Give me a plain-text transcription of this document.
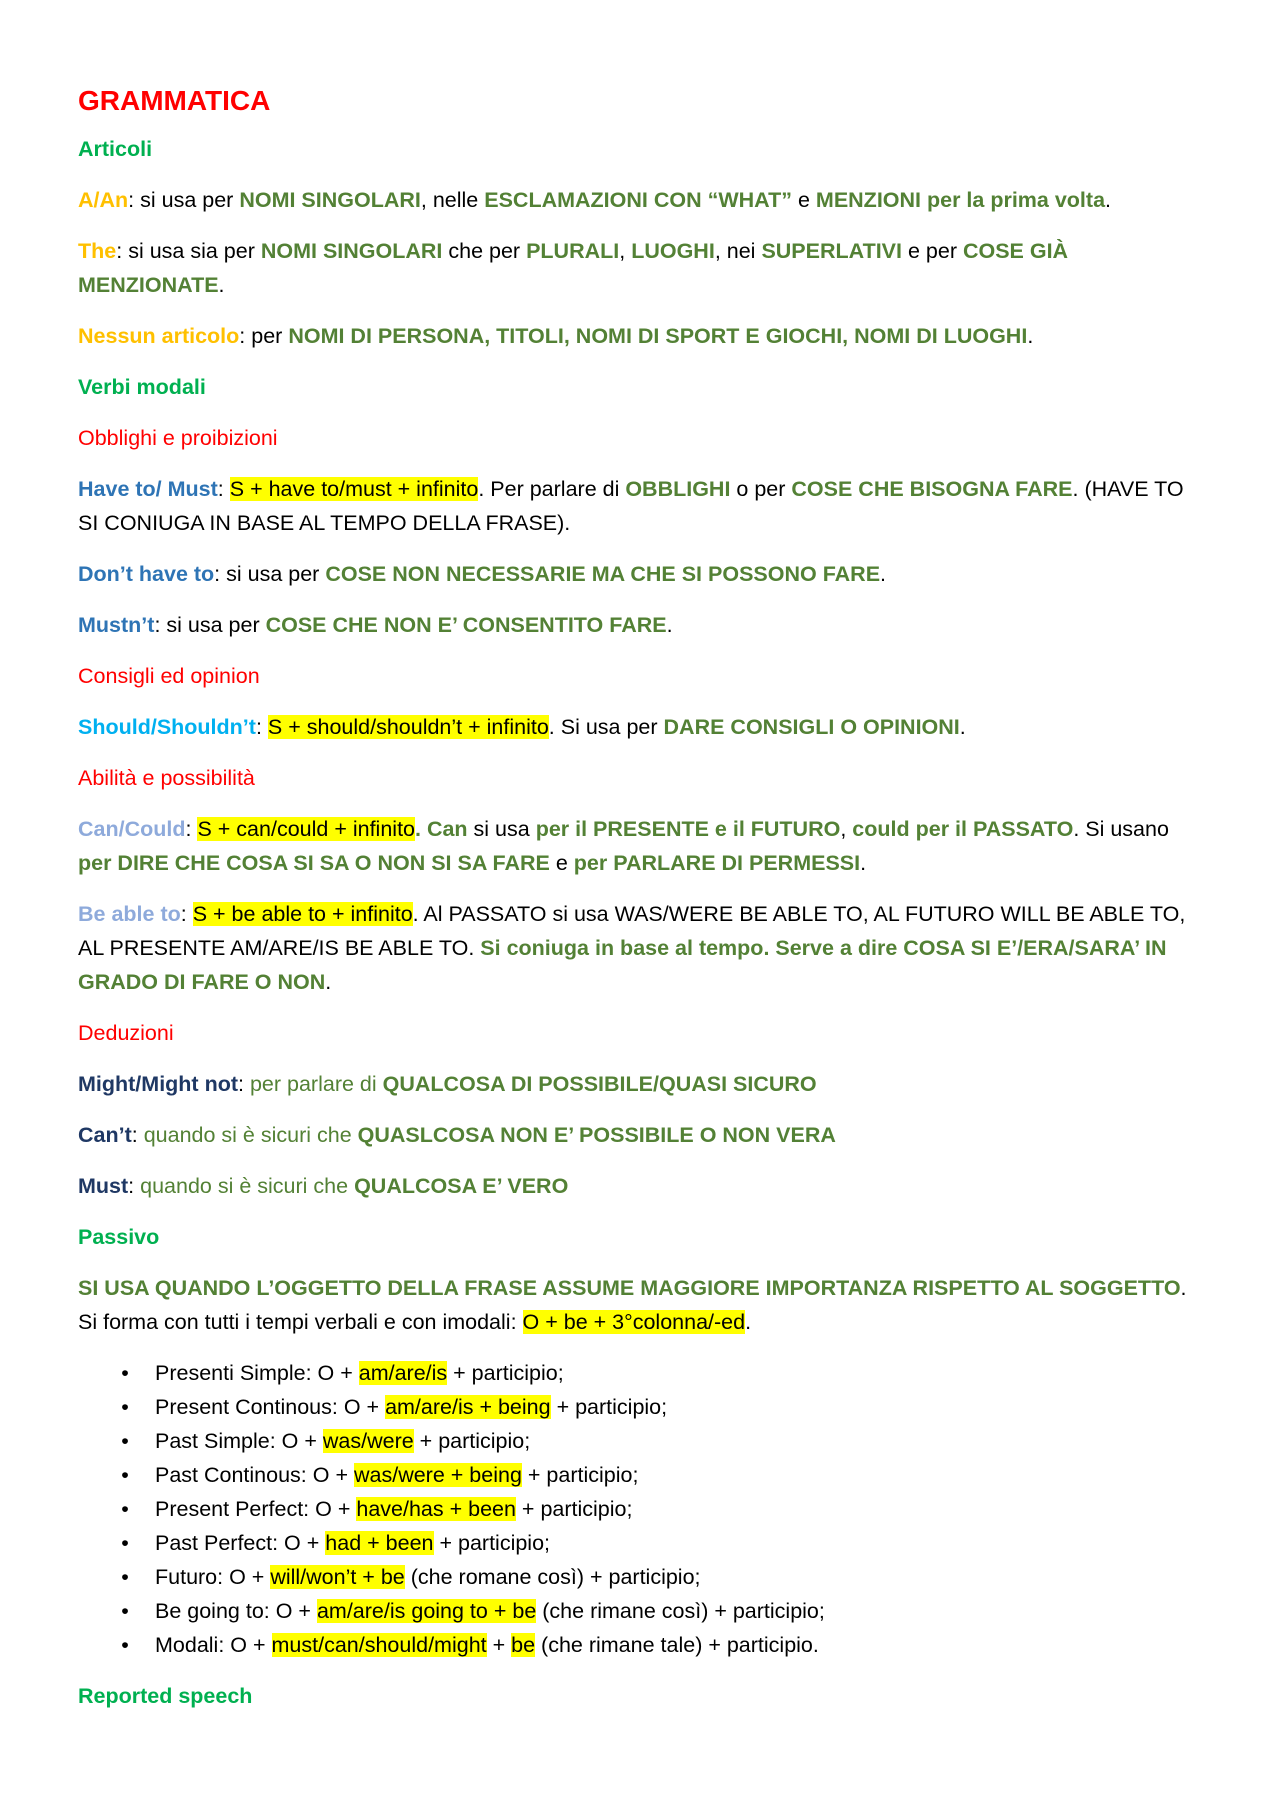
GRAMMATICA
Articoli
A/An: si usa per NOMI SINGOLARI, nelle ESCLAMAZIONI CON “WHAT” e MENZIONI per la prima volta.
The: si usa sia per NOMI SINGOLARI che per PLURALI, LUOGHI, nei SUPERLATIVI e per COSE GIÀ MENZIONATE.
Nessun articolo: per NOMI DI PERSONA, TITOLI, NOMI DI SPORT E GIOCHI, NOMI DI LUOGHI.
Verbi modali
Obblighi e proibizioni
Have to/ Must: S + have to/must + infinito. Per parlare di OBBLIGHI o per COSE CHE BISOGNA FARE. (HAVE TO SI CONIUGA IN BASE AL TEMPO DELLA FRASE).
Don’t have to: si usa per COSE NON NECESSARIE MA CHE SI POSSONO FARE.
Mustn’t: si usa per COSE CHE NON E’ CONSENTITO FARE.
Consigli ed opinion
Should/Shouldn’t: S + should/shouldn’t + infinito. Si usa per DARE CONSIGLI O OPINIONI.
Abilità e possibilità
Can/Could: S + can/could + infinito. Can si usa per il PRESENTE e il FUTURO, could per il PASSATO. Si usano per DIRE CHE COSA SI SA O NON SI SA FARE e per PARLARE DI PERMESSI.
Be able to: S + be able to + infinito. Al PASSATO si usa WAS/WERE BE ABLE TO, AL FUTURO WILL BE ABLE TO, AL PRESENTE AM/ARE/IS BE ABLE TO. Si coniuga in base al tempo. Serve a dire COSA SI E’/ERA/SARA’ IN GRADO DI FARE O NON.
Deduzioni
Might/Might not: per parlare di QUALCOSA DI POSSIBILE/QUASI SICURO
Can’t: quando si è sicuri che QUASLCOSA NON E’ POSSIBILE O NON VERA
Must: quando si è sicuri che QUALCOSA E’ VERO
Passivo
SI USA QUANDO L’OGGETTO DELLA FRASE ASSUME MAGGIORE IMPORTANZA RISPETTO AL SOGGETTO. Si forma con tutti i tempi verbali e con imodali: O + be + 3°colonna/-ed.
• Presenti Simple: O + am/are/is + participio;
• Present Continous: O + am/are/is + being + participio;
• Past Simple: O + was/were + participio;
• Past Continous: O + was/were + being + participio;
• Present Perfect: O + have/has + been + participio;
• Past Perfect: O + had + been + participio;
• Futuro: O + will/won’t + be (che romane così) + participio;
• Be going to: O + am/are/is going to + be (che rimane così) + participio;
• Modali: O + must/can/should/might + be (che rimane tale) + participio.
Reported speech
